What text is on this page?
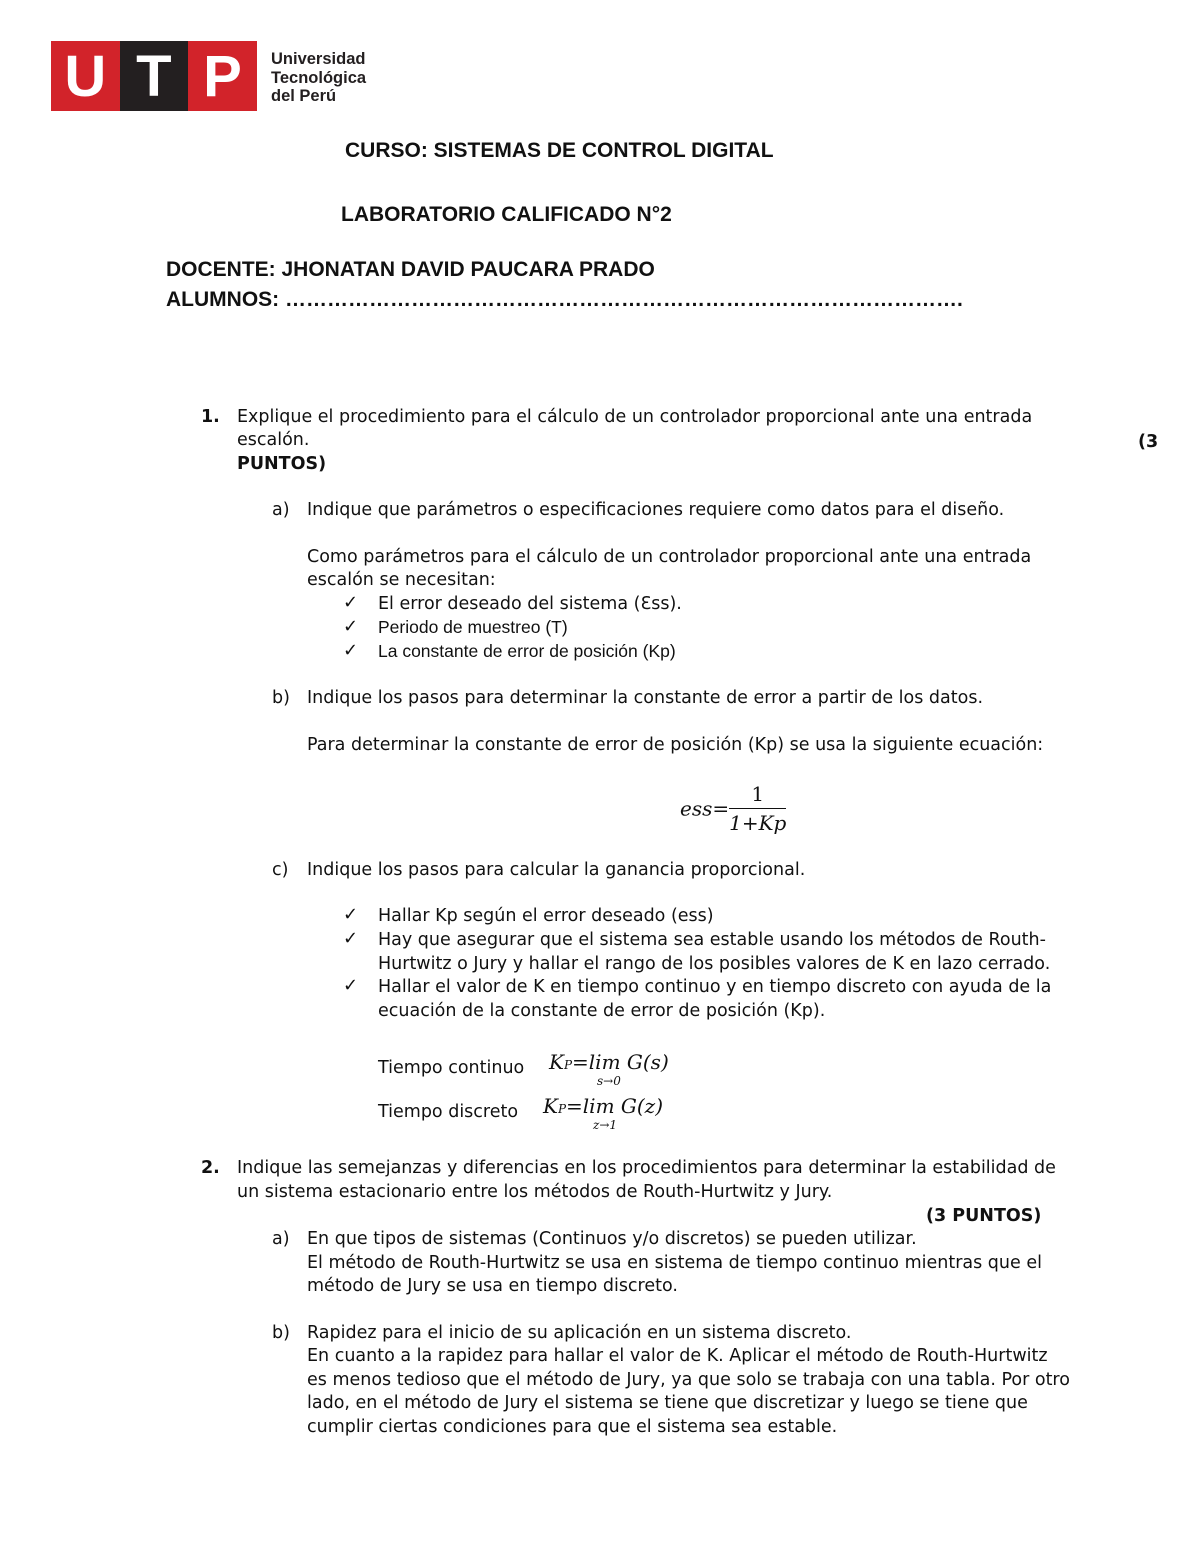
U T P	Universidad
Tecnológica
del Perú
CURSO: SISTEMAS DE CONTROL DIGITAL
LABORATORIO CALIFICADO N°2
DOCENTE: JHONATAN DAVID PAUCARA PRADO
ALUMNOS: …………………………………………………………………………………….
1. Explique el procedimiento para el cálculo de un controlador proporcional ante una entrada
escalón.	(3
PUNTOS)
a) Indique que parámetros o especificaciones requiere como datos para el diseño.
Como parámetros para el cálculo de un controlador proporcional ante una entrada
escalón se necesitan:
✓ El error deseado del sistema (Ɛss).
✓ Periodo de muestreo (T)
✓ La constante de error de posición (Kp)
b) Indique los pasos para determinar la constante de error a partir de los datos.
Para determinar la constante de error de posición (Kp) se usa la siguiente ecuación:
$ess= \frac{1}{1+Kp}$
c) Indique los pasos para calcular la ganancia proporcional.
✓ Hallar Kp según el error deseado (ess)
✓ Hay que asegurar que el sistema sea estable usando los métodos de Routh-
Hurtwitz o Jury y hallar el rango de los posibles valores de K en lazo cerrado.
✓ Hallar el valor de K en tiempo continuo y en tiempo discreto con ayuda de la
ecuación de la constante de error de posición (Kp).
Tiempo continuo KP=lim G(s)
s→0
Tiempo discreto KP=lim G(z)
z→1
2. Indique las semejanzas y diferencias en los procedimientos para determinar la estabilidad de
un sistema estacionario entre los métodos de Routh-Hurtwitz y Jury.
(3 PUNTOS)
a) En que tipos de sistemas (Continuos y/o discretos) se pueden utilizar.
El método de Routh-Hurtwitz se usa en sistema de tiempo continuo mientras que el
método de Jury se usa en tiempo discreto.
b) Rapidez para el inicio de su aplicación en un sistema discreto.
En cuanto a la rapidez para hallar el valor de K. Aplicar el método de Routh-Hurtwitz
es menos tedioso que el método de Jury, ya que solo se trabaja con una tabla. Por otro
lado, en el método de Jury el sistema se tiene que discretizar y luego se tiene que
cumplir ciertas condiciones para que el sistema sea estable.
